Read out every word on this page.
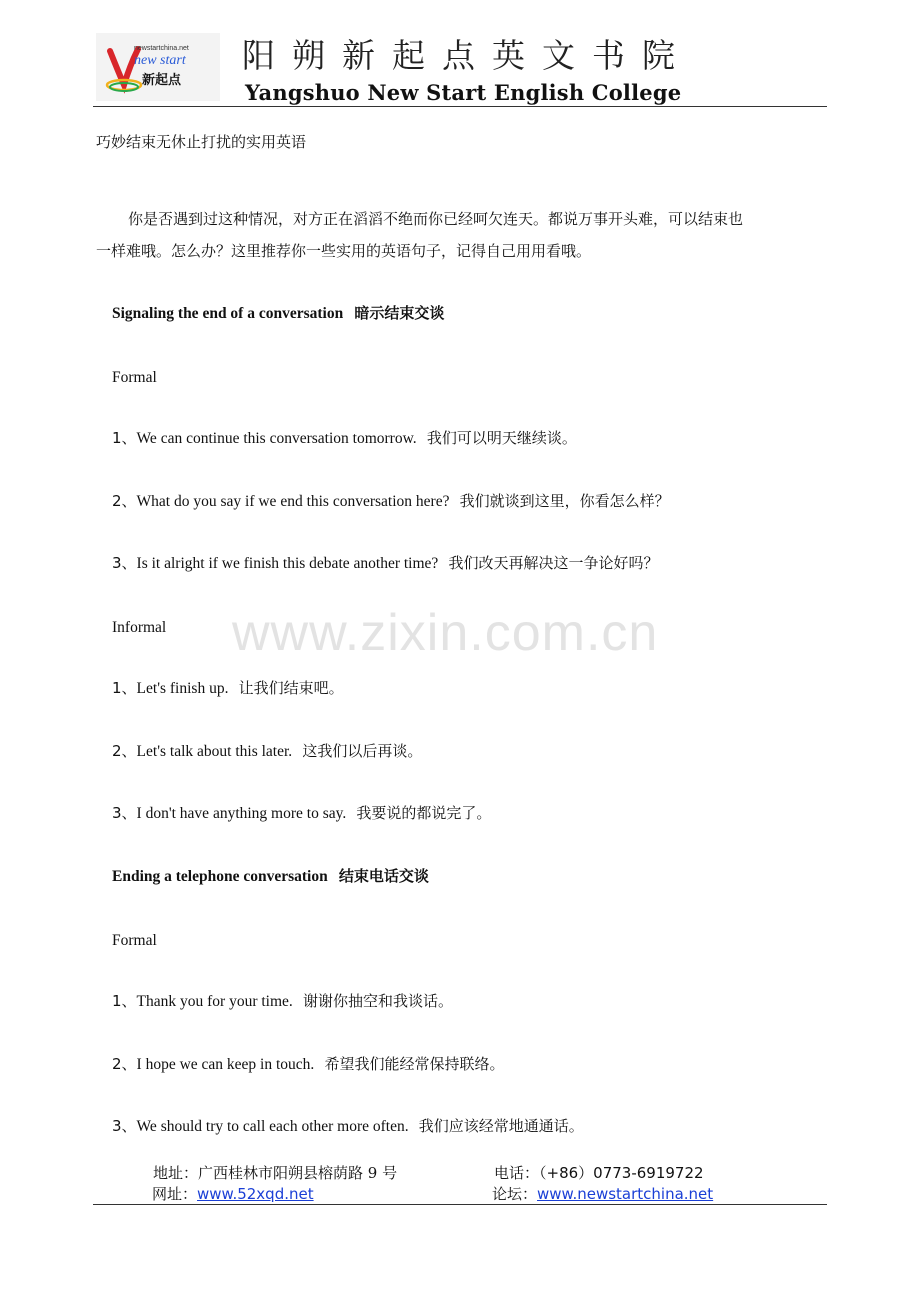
newstartchina.net
new start
新起点
阳朔新起点英文书院
Yangshuo New Start English College
www.zixin.com.cn
巧妙结束无休止打扰的实用英语
你是否遇到过这种情况，对方正在滔滔不绝而你已经呵欠连天。都说万事开头难，可以结束也
一样难哦。怎么办？这里推荐你一些实用的英语句子，记得自己用用看哦。
Signaling the end of a conversation 暗示结束交谈
Formal
1、We can continue this conversation tomorrow. 我们可以明天继续谈。
2、What do you say if we end this conversation here? 我们就谈到这里，你看怎么样？
3、Is it alright if we finish this debate another time? 我们改天再解决这一争论好吗？
Informal
1、Let's finish up. 让我们结束吧。
2、Let's talk about this later. 这我们以后再谈。
3、I don't have anything more to say. 我要说的都说完了。
Ending a telephone conversation 结束电话交谈
Formal
1、Thank you for your time. 谢谢你抽空和我谈话。
2、I hope we can keep in touch. 希望我们能经常保持联络。
3、We should try to call each other more often. 我们应该经常地通通话。
地址：广西桂林市阳朔县榕荫路 9 号	电话：（+86）0773-6919722
网址：www.52xqd.net	论坛：www.newstartchina.net
